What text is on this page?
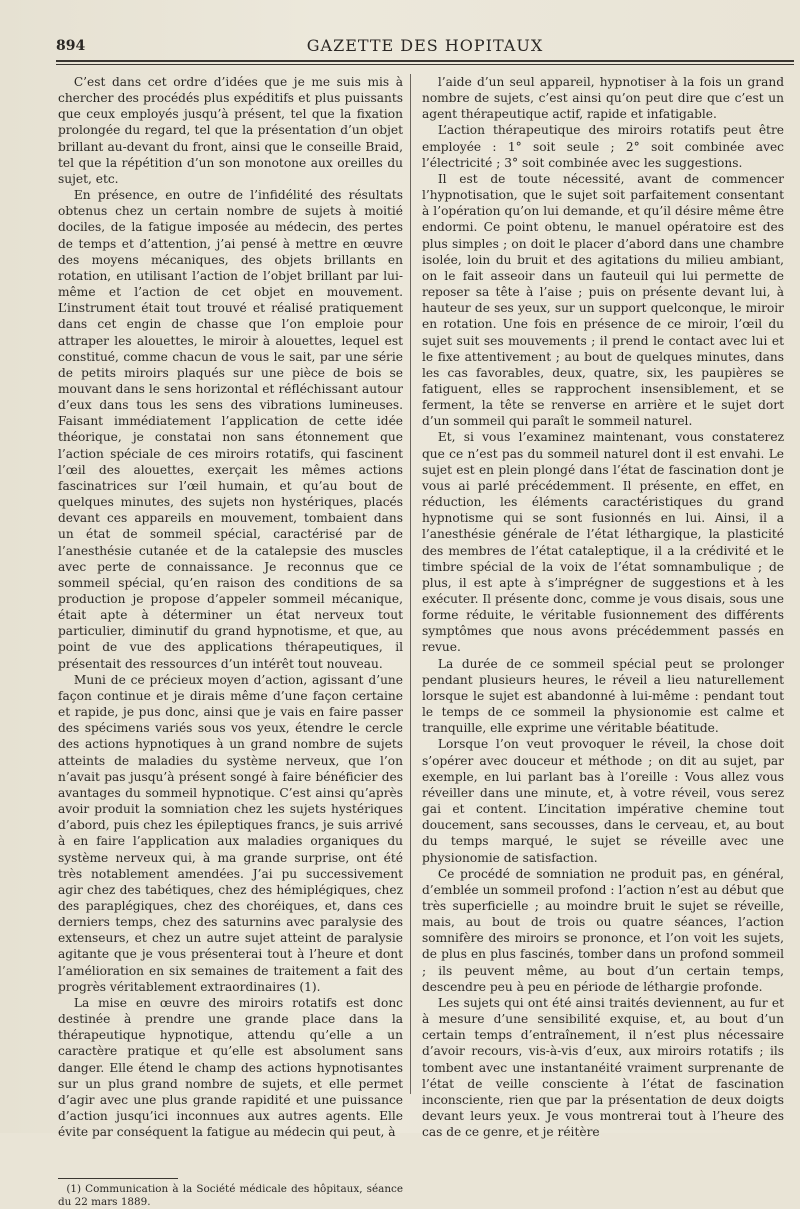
894	GAZETTE DES HOPITAUX

C’est dans cet ordre d’idées que je me suis mis à chercher des procédés plus expéditifs et plus puissants que ceux employés jusqu’à présent, tel que la fixation prolongée du regard, tel que la présentation d’un objet brillant au-devant du front, ainsi que le conseille Braid, tel que la répétition d’un son monotone aux oreilles du sujet, etc.

En présence, en outre de l’infidélité des résultats obtenus chez un certain nombre de sujets à moitié dociles, de la fatigue imposée au médecin, des pertes de temps et d’attention, j’ai pensé à mettre en œuvre des moyens mécaniques, des objets brillants en rotation, en utilisant l’action de l’objet brillant par lui-même et l’action de cet objet en mouvement. L’instrument était tout trouvé et réalisé pratiquement dans cet engin de chasse que l’on emploie pour attraper les alouettes, le miroir à alouettes, lequel est constitué, comme chacun de vous le sait, par une série de petits miroirs plaqués sur une pièce de bois se mouvant dans le sens horizontal et réfléchissant autour d’eux dans tous les sens des vibrations lumineuses. Faisant immédiatement l’application de cette idée théorique, je constatai non sans étonnement que l’action spéciale de ces miroirs rotatifs, qui fascinent l’œil des alouettes, exerçait les mêmes actions fascinatrices sur l’œil humain, et qu’au bout de quelques minutes, des sujets non hystériques, placés devant ces appareils en mouvement, tombaient dans un état de sommeil spécial, caractérisé par de l’anesthésie cutanée et de la catalepsie des muscles avec perte de connaissance. Je reconnus que ce sommeil spécial, qu’en raison des conditions de sa production je propose d’appeler sommeil mécanique, était apte à déterminer un état nerveux tout particulier, diminutif du grand hypnotisme, et que, au point de vue des applications thérapeutiques, il présentait des ressources d’un intérêt tout nouveau.

Muni de ce précieux moyen d’action, agissant d’une façon continue et je dirais même d’une façon certaine et rapide, je pus donc, ainsi que je vais en faire passer des spécimens variés sous vos yeux, étendre le cercle des actions hypnotiques à un grand nombre de sujets atteints de maladies du système nerveux, que l’on n’avait pas jusqu’à présent songé à faire bénéficier des avantages du sommeil hypnotique. C’est ainsi qu’après avoir produit la somniation chez les sujets hystériques d’abord, puis chez les épileptiques francs, je suis arrivé à en faire l’application aux maladies organiques du système nerveux qui, à ma grande surprise, ont été très notablement amendées. J’ai pu successivement agir chez des tabétiques, chez des hémiplégiques, chez des paraplégiques, chez des choréiques, et, dans ces derniers temps, chez des saturnins avec paralysie des extenseurs, et chez un autre sujet atteint de paralysie agitante que je vous présenterai tout à l’heure et dont l’amélioration en six semaines de traitement a fait des progrès véritablement extraordinaires (1).

La mise en œuvre des miroirs rotatifs est donc destinée à prendre une grande place dans la thérapeutique hypnotique, attendu qu’elle a un caractère pratique et qu’elle est absolument sans danger. Elle étend le champ des actions hypnotisantes sur un plus grand nombre de sujets, et elle permet d’agir avec une plus grande rapidité et une puissance d’action jusqu’ici inconnues aux autres agents. Elle évite par conséquent la fatigue au médecin qui peut, à

(1) Communication à la Société médicale des hôpitaux, séance du 22 mars 1889.

l’aide d’un seul appareil, hypnotiser à la fois un grand nombre de sujets, c’est ainsi qu’on peut dire que c’est un agent thérapeutique actif, rapide et infatigable.

L’action thérapeutique des miroirs rotatifs peut être employée : 1° soit seule ; 2° soit combinée avec l’électricité ; 3° soit combinée avec les suggestions.

Il est de toute nécessité, avant de commencer l’hypnotisation, que le sujet soit parfaitement consentant à l’opération qu’on lui demande, et qu’il désire même être endormi. Ce point obtenu, le manuel opératoire est des plus simples ; on doit le placer d’abord dans une chambre isolée, loin du bruit et des agitations du milieu ambiant, on le fait asseoir dans un fauteuil qui lui permette de reposer sa tête à l’aise ; puis on présente devant lui, à hauteur de ses yeux, sur un support quelconque, le miroir en rotation. Une fois en présence de ce miroir, l’œil du sujet suit ses mouvements ; il prend le contact avec lui et le fixe attentivement ; au bout de quelques minutes, dans les cas favorables, deux, quatre, six, les paupières se fatiguent, elles se rapprochent insensiblement, et se ferment, la tête se renverse en arrière et le sujet dort d’un sommeil qui paraît le sommeil naturel.

Et, si vous l’examinez maintenant, vous constaterez que ce n’est pas du sommeil naturel dont il est envahi. Le sujet est en plein plongé dans l’état de fascination dont je vous ai parlé précédemment. Il présente, en effet, en réduction, les éléments caractéristiques du grand hypnotisme qui se sont fusionnés en lui. Ainsi, il a l’anesthésie générale de l’état léthargique, la plasticité des membres de l’état cataleptique, il a la crédivité et le timbre spécial de la voix de l’état somnambulique ; de plus, il est apte à s’imprégner de suggestions et à les exécuter. Il présente donc, comme je vous disais, sous une forme réduite, le véritable fusionnement des différents symptômes que nous avons précédemment passés en revue.

La durée de ce sommeil spécial peut se prolonger pendant plusieurs heures, le réveil a lieu naturellement lorsque le sujet est abandonné à lui-même : pendant tout le temps de ce sommeil la physionomie est calme et tranquille, elle exprime une véritable béatitude.

Lorsque l’on veut provoquer le réveil, la chose doit s’opérer avec douceur et méthode ; on dit au sujet, par exemple, en lui parlant bas à l’oreille : Vous allez vous réveiller dans une minute, et, à votre réveil, vous serez gai et content. L’incitation impérative chemine tout doucement, sans secousses, dans le cerveau, et, au bout du temps marqué, le sujet se réveille avec une physionomie de satisfaction.

Ce procédé de somniation ne produit pas, en général, d’emblée un sommeil profond : l’action n’est au début que très superficielle ; au moindre bruit le sujet se réveille, mais, au bout de trois ou quatre séances, l’action somnifère des miroirs se prononce, et l’on voit les sujets, de plus en plus fascinés, tomber dans un profond sommeil ; ils peuvent même, au bout d’un certain temps, descendre peu à peu en période de léthargie profonde.

Les sujets qui ont été ainsi traités deviennent, au fur et à mesure d’une sensibilité exquise, et, au bout d’un certain temps d’entraînement, il n’est plus nécessaire d’avoir recours, vis-à-vis d’eux, aux miroirs rotatifs ; ils tombent avec une instantanéité vraiment surprenante de l’état de veille consciente à l’état de fascination inconsciente, rien que par la présentation de deux doigts devant leurs yeux. Je vous montrerai tout à l’heure des cas de ce genre, et je réitère
